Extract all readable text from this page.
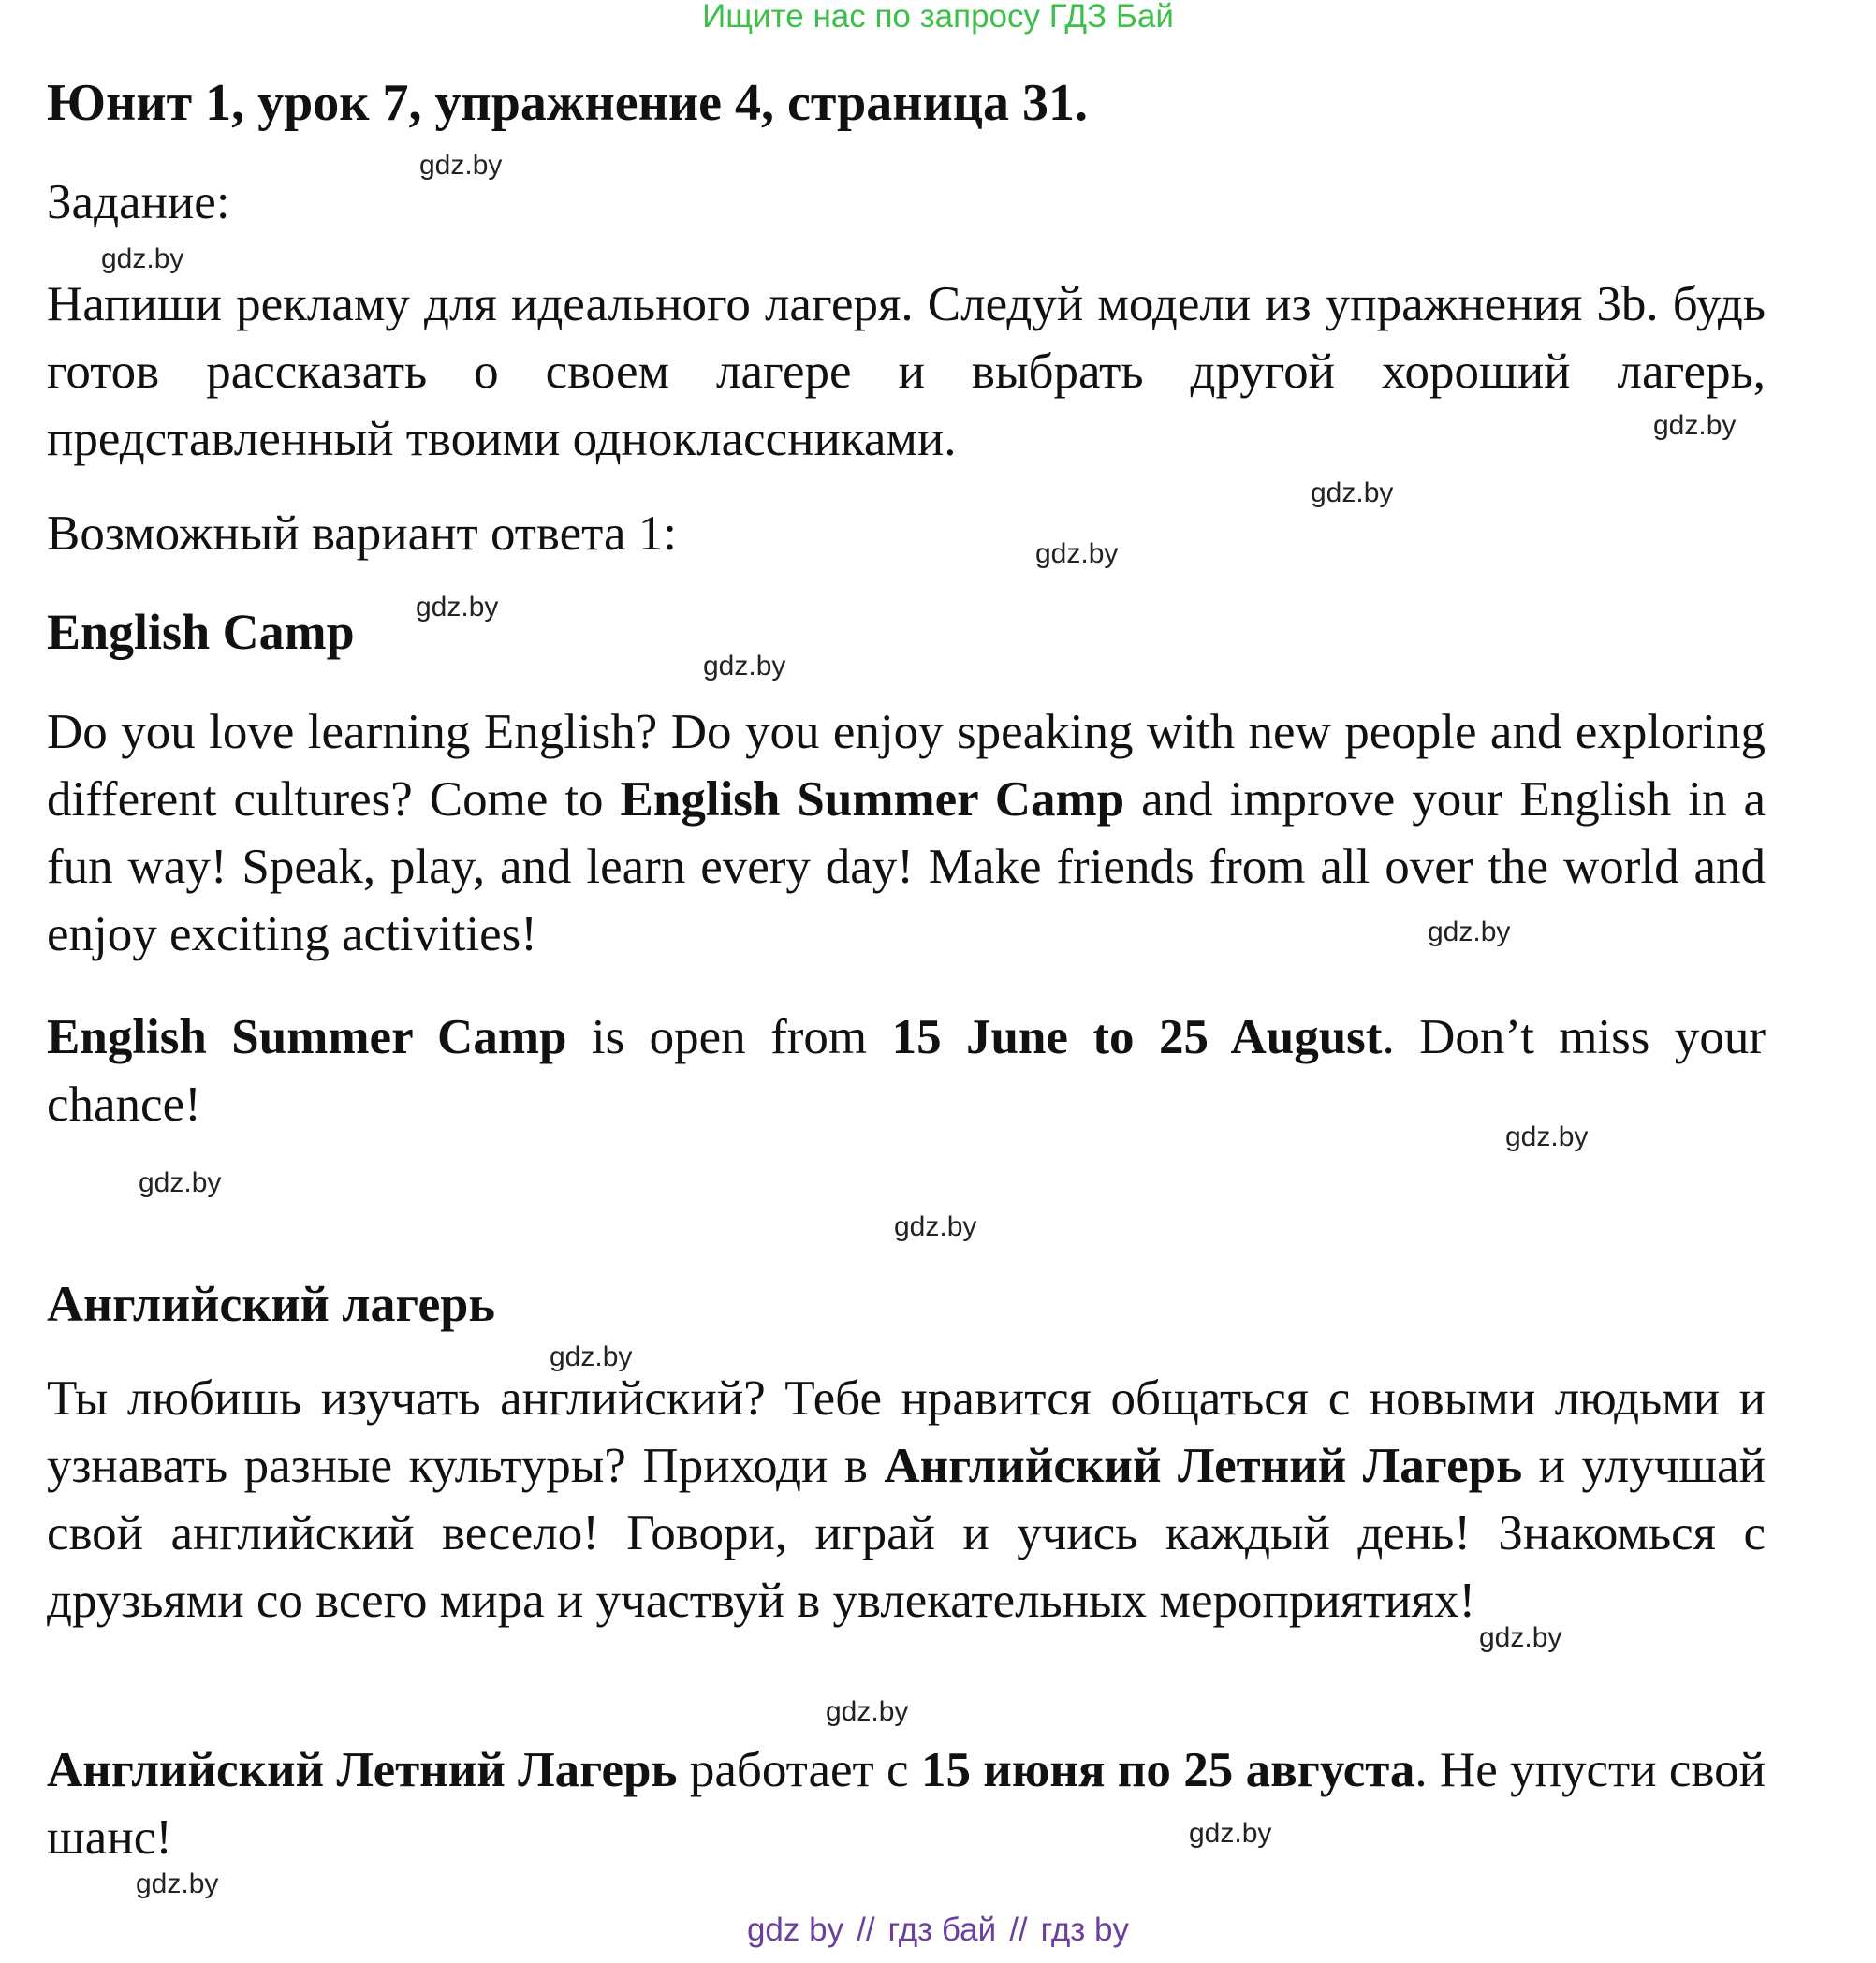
Ищите нас по запросу ГДЗ Бай
Юнит 1, урок 7, упражнение 4, страница 31.
Задание:
Напиши рекламу для идеального лагеря. Следуй модели из упражнения 3b. будь готов рассказать о своем лагере и выбрать другой хороший лагерь, представленный твоими одноклассниками.
Возможный вариант ответа 1:
English Camp
Do you love learning English? Do you enjoy speaking with new people and exploring different cultures? Come to English Summer Camp and improve your English in a fun way! Speak, play, and learn every day! Make friends from all over the world and enjoy exciting activities!
English Summer Camp is open from 15 June to 25 August. Don’t miss your chance!
Английский лагерь
Ты любишь изучать английский? Тебе нравится общаться с новыми людьми и узнавать разные культуры? Приходи в Английский Летний Лагерь и улучшай свой английский весело! Говори, играй и учись каждый день! Знакомься с друзьями со всего мира и участвуй в увлекательных мероприятиях!
Английский Летний Лагерь работает с 15 июня по 25 августа. Не упусти свой шанс!
gdz.by
gdz.by
gdz.by
gdz.by
gdz.by
gdz.by
gdz.by
gdz.by
gdz.by
gdz.by
gdz.by
gdz.by
gdz.by
gdz.by
gdz.by
gdz.by
gdz by // гдз бай // гдз by
